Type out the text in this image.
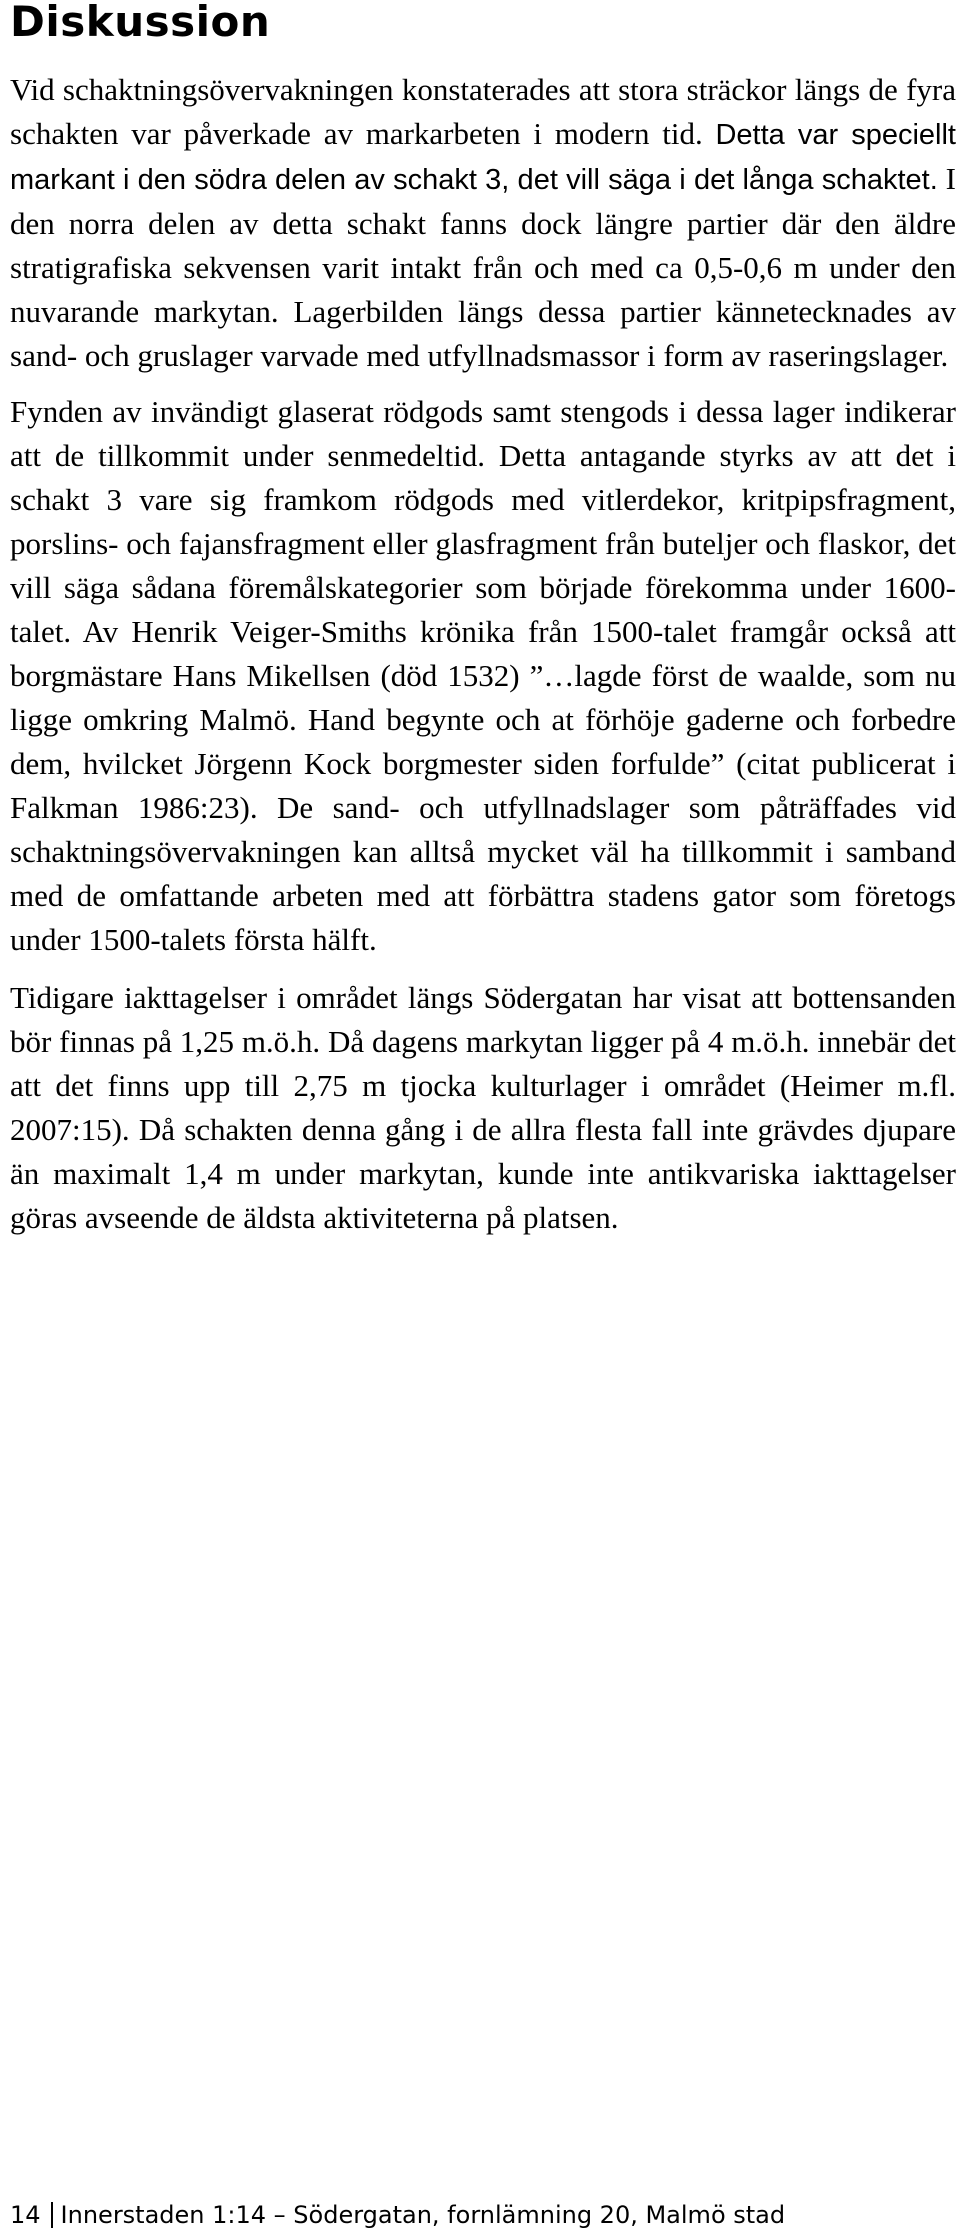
Diskussion

Vid schaktningsövervakningen konstaterades att stora sträckor längs de fyra schakten var påverkade av markarbeten i modern tid. Detta var speciellt markant i den södra delen av schakt 3, det vill säga i det långa schaktet. I den norra delen av detta schakt fanns dock längre partier där den äldre stratigrafiska sekvensen varit intakt från och med ca 0,5-0,6 m under den nuvarande markytan. Lagerbilden längs dessa partier kännetecknades av sand- och gruslager varvade med utfyllnadsmassor i form av raseringslager.

Fynden av invändigt glaserat rödgods samt stengods i dessa lager indikerar att de tillkommit under senmedeltid. Detta antagande styrks av att det i schakt 3 vare sig framkom rödgods med vitlerdekor, kritpipsfragment, porslins- och fajansfragment eller glasfragment från buteljer och flaskor, det vill säga sådana föremålskategorier som började förekomma under 1600-talet. Av Henrik Veiger-Smiths krönika från 1500-talet framgår också att borgmästare Hans Mikellsen (död 1532) ”…lagde först de waalde, som nu ligge omkring Malmö. Hand begynte och at förhöje gaderne och forbedre dem, hvilcket Jörgenn Kock borgmester siden forfulde” (citat publicerat i Falkman 1986:23). De sand- och utfyllnadslager som påträffades vid schaktningsövervakningen kan alltså mycket väl ha tillkommit i samband med de omfattande arbeten med att förbättra stadens gator som företogs under 1500-talets första hälft.

Tidigare iakttagelser i området längs Södergatan har visat att bottensanden bör finnas på 1,25 m.ö.h. Då dagens markytan ligger på 4 m.ö.h. innebär det att det finns upp till 2,75 m tjocka kulturlager i området (Heimer m.fl. 2007:15). Då schakten denna gång i de allra flesta fall inte grävdes djupare än maximalt 1,4 m under markytan, kunde inte antikvariska iakttagelser göras avseende de äldsta aktiviteterna på platsen.

14 Innerstaden 1:14 – Södergatan, fornlämning 20, Malmö stad
